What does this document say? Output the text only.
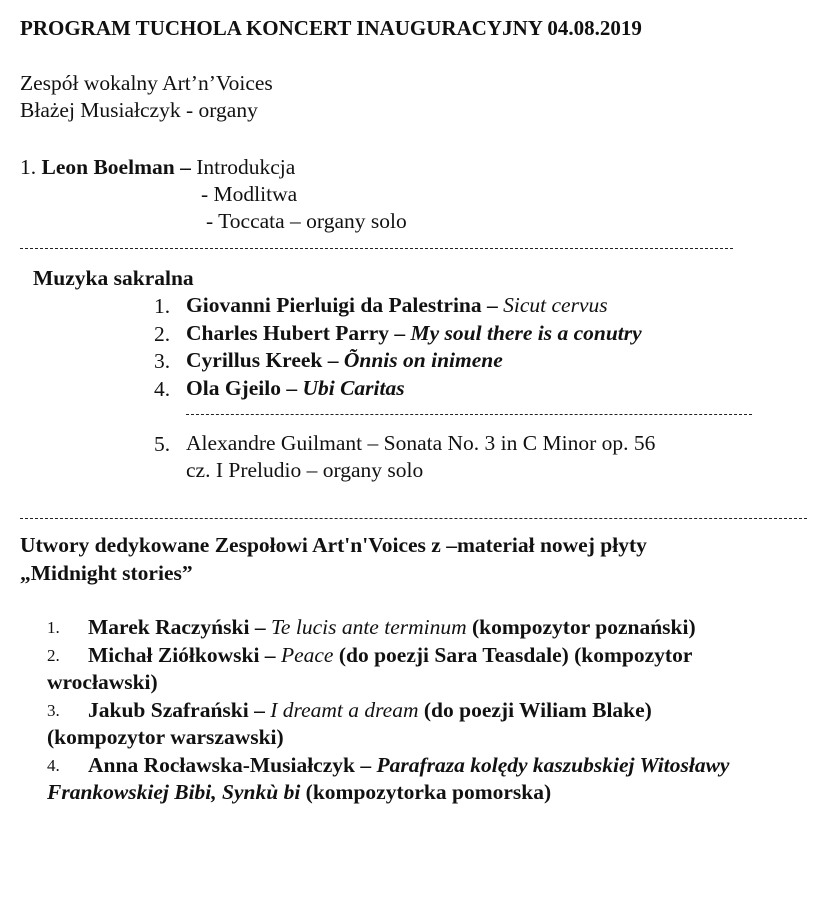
PROGRAM TUCHOLA KONCERT INAUGURACYJNY 04.08.2019
Zespół wokalny Art’n’Voices
Błażej Musiałczyk - organy
1. Leon Boelman – Introdukcja
- Modlitwa
- Toccata – organy solo
Muzyka sakralna
1. Giovanni Pierluigi da Palestrina – Sicut cervus
2. Charles Hubert Parry – My soul there is a conutry
3. Cyrillus Kreek – Õnnis on inimene
4. Ola Gjeilo – Ubi Caritas
5. Alexandre Guilmant – Sonata No. 3 in C Minor op. 56
cz. I Preludio – organy solo
Utwory dedykowane Zespołowi Art'n'Voices z –materiał nowej płyty
„Midnight stories”
1. Marek Raczyński – Te lucis ante terminum (kompozytor poznański)
2. Michał Ziółkowski – Peace (do poezji Sara Teasdale) (kompozytor
wrocławski)
3. Jakub Szafrański – I dreamt a dream (do poezji Wiliam Blake)
(kompozytor warszawski)
4. Anna Rocławska-Musiałczyk – Parafraza kolędy kaszubskiej Witosławy
Frankowskiej Bibi, Synkù bi (kompozytorka pomorska)
